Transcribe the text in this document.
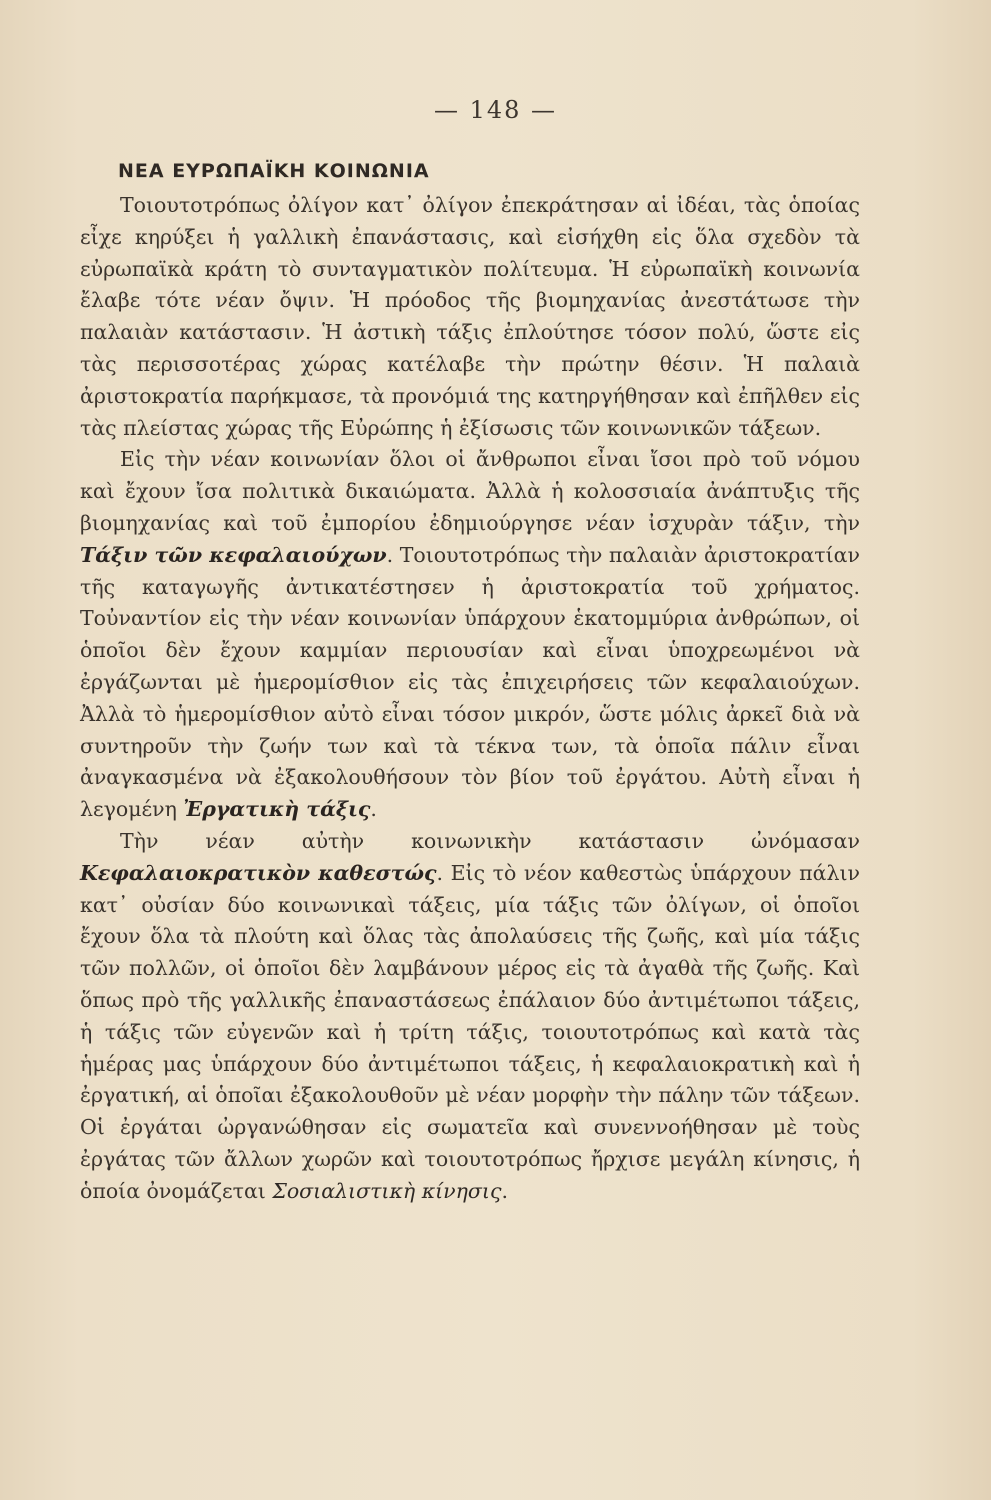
— 148 —
ΝΕΑ ΕΥΡΩΠΑΪΚΗ ΚΟΙΝΩΝΙΑ

Τοιουτοτρόπως ὀλίγον κατ᾽ ὀλίγον ἐπεκράτησαν αἱ ἰδέαι, τὰς ὁποίας εἶχε κηρύξει ἡ γαλλικὴ ἐπανάστασις, καὶ εἰσήχθη εἰς ὅλα σχεδὸν τὰ εὐρωπαϊκὰ κράτη τὸ συνταγματικὸν πολίτευμα. Ἡ εὐρωπαϊκὴ κοινωνία ἔλαβε τότε νέαν ὄψιν. Ἡ πρόοδος τῆς βιομηχανίας ἀνεστάτωσε τὴν παλαιὰν κατάστασιν. Ἡ ἀστικὴ τάξις ἐπλούτησε τόσον πολύ, ὥστε εἰς τὰς περισσοτέρας χώρας κατέλαβε τὴν πρώτην θέσιν. Ἡ παλαιὰ ἀριστοκρατία παρήκμασε, τὰ προνόμιά της κατηργήθησαν καὶ ἐπῆλθεν εἰς τὰς πλείστας χώρας τῆς Εὐρώπης ἡ ἐξίσωσις τῶν κοινωνικῶν τάξεων.

Εἰς τὴν νέαν κοινωνίαν ὅλοι οἱ ἄνθρωποι εἶναι ἴσοι πρὸ τοῦ νόμου καὶ ἔχουν ἴσα πολιτικὰ δικαιώματα. Ἀλλὰ ἡ κολοσσιαία ἀνάπτυξις τῆς βιομηχανίας καὶ τοῦ ἐμπορίου ἐδημιούργησε νέαν ἰσχυρὰν τάξιν, τὴν Τάξιν τῶν κεφαλαιούχων. Τοιουτοτρόπως τὴν παλαιὰν ἀριστοκρατίαν τῆς καταγωγῆς ἀντικατέστησεν ἡ ἀριστοκρατία τοῦ χρήματος. Τοὐναντίον εἰς τὴν νέαν κοινωνίαν ὑπάρχουν ἑκατομμύρια ἀνθρώπων, οἱ ὁποῖοι δὲν ἔχουν καμμίαν περιουσίαν καὶ εἶναι ὑποχρεωμένοι νὰ ἐργάζωνται μὲ ἡμερομίσθιον εἰς τὰς ἐπιχειρήσεις τῶν κεφαλαιούχων. Ἀλλὰ τὸ ἡμερομίσθιον αὐτὸ εἶναι τόσον μικρόν, ὥστε μόλις ἀρκεῖ διὰ νὰ συντηροῦν τὴν ζωήν των καὶ τὰ τέκνα των, τὰ ὁποῖα πάλιν εἶναι ἀναγκασμένα νὰ ἐξακολουθήσουν τὸν βίον τοῦ ἐργάτου. Αὐτὴ εἶναι ἡ λεγομένη Ἐργατικὴ τάξις.

Τὴν νέαν αὐτὴν κοινωνικὴν κατάστασιν ὠνόμασαν Κεφαλαιοκρατικὸν καθεστώς. Εἰς τὸ νέον καθεστὼς ὑπάρχουν πάλιν κατ᾽ οὐσίαν δύο κοινωνικαὶ τάξεις, μία τάξις τῶν ὀλίγων, οἱ ὁποῖοι ἔχουν ὅλα τὰ πλούτη καὶ ὅλας τὰς ἀπολαύσεις τῆς ζωῆς, καὶ μία τάξις τῶν πολλῶν, οἱ ὁποῖοι δὲν λαμβάνουν μέρος εἰς τὰ ἀγαθὰ τῆς ζωῆς. Καὶ ὅπως πρὸ τῆς γαλλικῆς ἐπαναστάσεως ἐπάλαιον δύο ἀντιμέτωποι τάξεις, ἡ τάξις τῶν εὐγενῶν καὶ ἡ τρίτη τάξις, τοιουτοτρόπως καὶ κατὰ τὰς ἡμέρας μας ὑπάρχουν δύο ἀντιμέτωποι τάξεις, ἡ κεφαλαιοκρατικὴ καὶ ἡ ἐργατική, αἱ ὁποῖαι ἐξακολουθοῦν μὲ νέαν μορφὴν τὴν πάλην τῶν τάξεων. Οἱ ἐργάται ὠργανώθησαν εἰς σωματεῖα καὶ συνεννοήθησαν μὲ τοὺς ἐργάτας τῶν ἄλλων χωρῶν καὶ τοιουτοτρόπως ἤρχισε μεγάλη κίνησις, ἡ ὁποία ὀνομάζεται Σοσιαλιστικὴ κίνησις.
